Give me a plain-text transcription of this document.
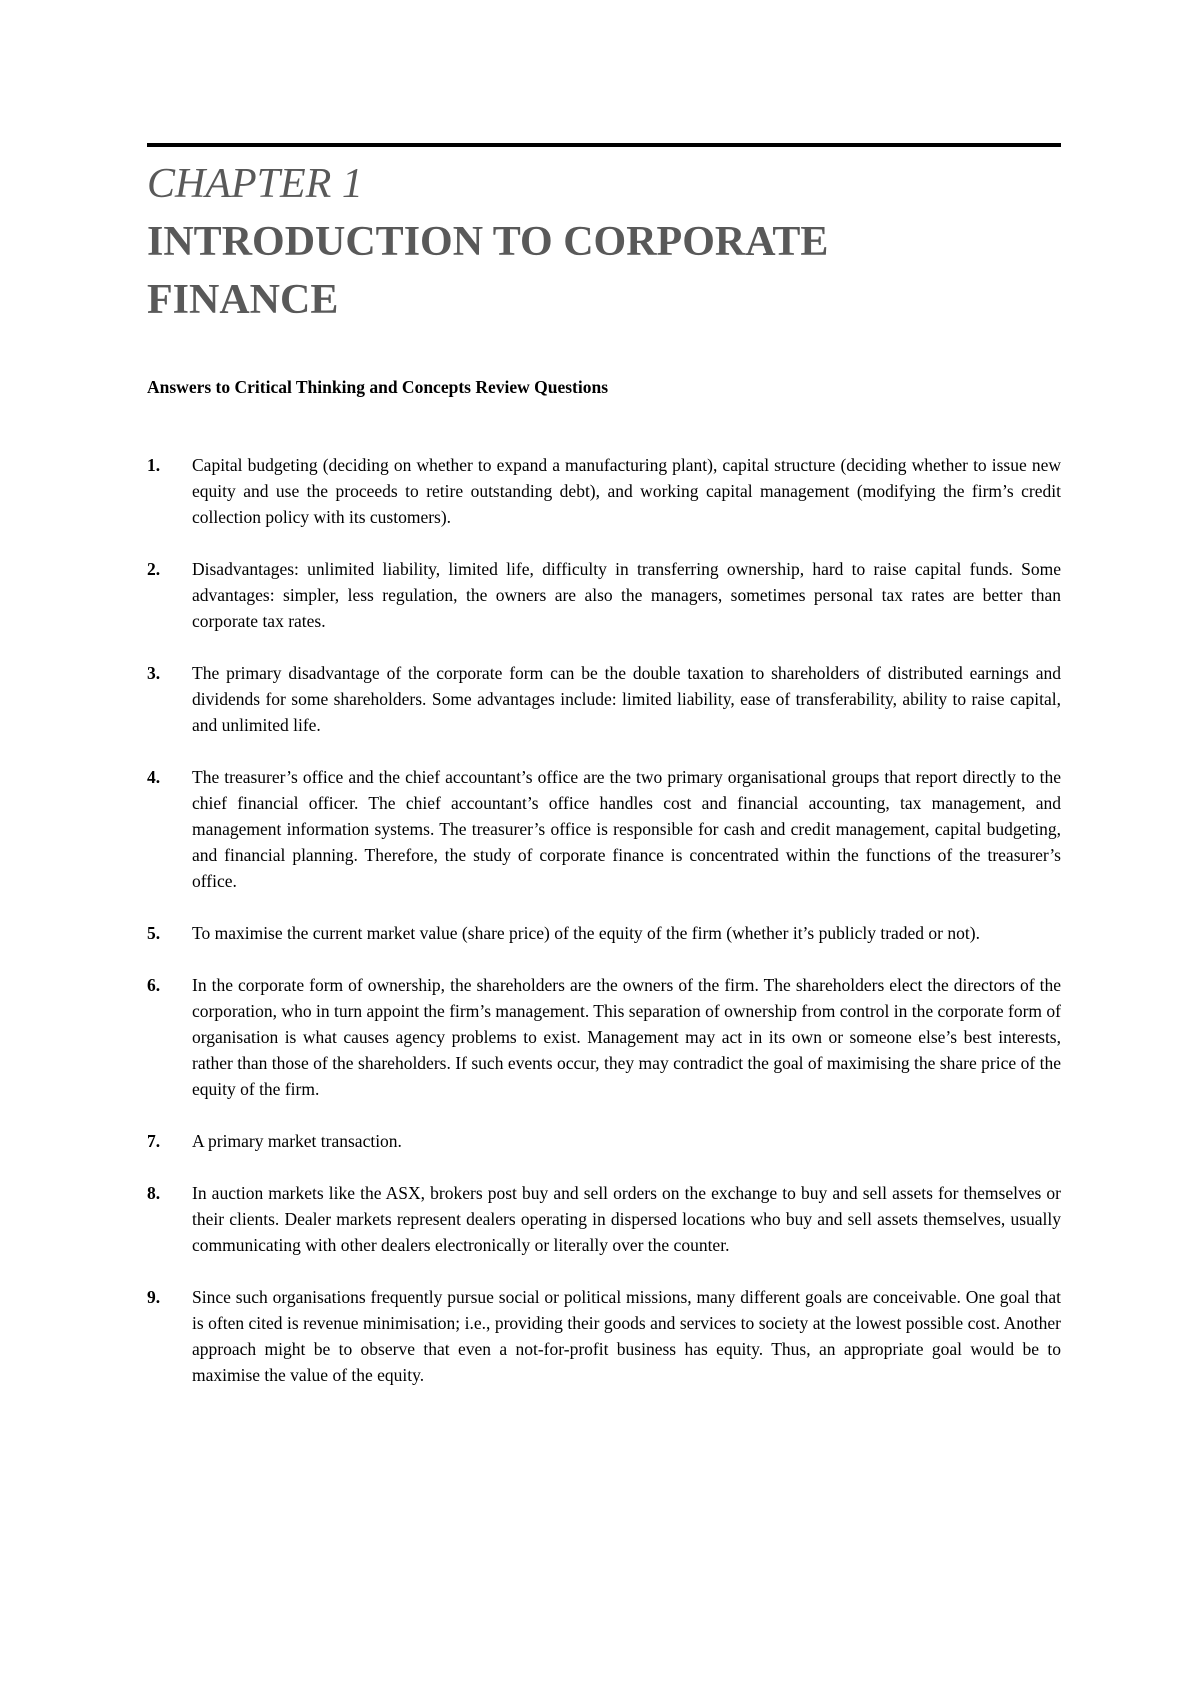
CHAPTER 1
INTRODUCTION TO CORPORATE
FINANCE
Answers to Critical Thinking and Concepts Review Questions
1.	Capital budgeting (deciding on whether to expand a manufacturing plant), capital structure (deciding whether to issue new equity and use the proceeds to retire outstanding debt), and working capital management (modifying the firm’s credit collection policy with its customers).
2.	Disadvantages: unlimited liability, limited life, difficulty in transferring ownership, hard to raise capital funds. Some advantages: simpler, less regulation, the owners are also the managers, sometimes personal tax rates are better than corporate tax rates.
3.	The primary disadvantage of the corporate form can be the double taxation to shareholders of distributed earnings and dividends for some shareholders. Some advantages include: limited liability, ease of transferability, ability to raise capital, and unlimited life.
4.	The treasurer’s office and the chief accountant’s office are the two primary organisational groups that report directly to the chief financial officer. The chief accountant’s office handles cost and financial accounting, tax management, and management information systems. The treasurer’s office is responsible for cash and credit management, capital budgeting, and financial planning. Therefore, the study of corporate finance is concentrated within the functions of the treasurer’s office.
5.	To maximise the current market value (share price) of the equity of the firm (whether it’s publicly traded or not).
6.	In the corporate form of ownership, the shareholders are the owners of the firm. The shareholders elect the directors of the corporation, who in turn appoint the firm’s management. This separation of ownership from control in the corporate form of organisation is what causes agency problems to exist. Management may act in its own or someone else’s best interests, rather than those of the shareholders. If such events occur, they may contradict the goal of maximising the share price of the equity of the firm.
7.	A primary market transaction.
8.	In auction markets like the ASX, brokers post buy and sell orders on the exchange to buy and sell assets for themselves or their clients. Dealer markets represent dealers operating in dispersed locations who buy and sell assets themselves, usually communicating with other dealers electronically or literally over the counter.
9.	Since such organisations frequently pursue social or political missions, many different goals are conceivable. One goal that is often cited is revenue minimisation; i.e., providing their goods and services to society at the lowest possible cost. Another approach might be to observe that even a not-for-profit business has equity. Thus, an appropriate goal would be to maximise the value of the equity.
